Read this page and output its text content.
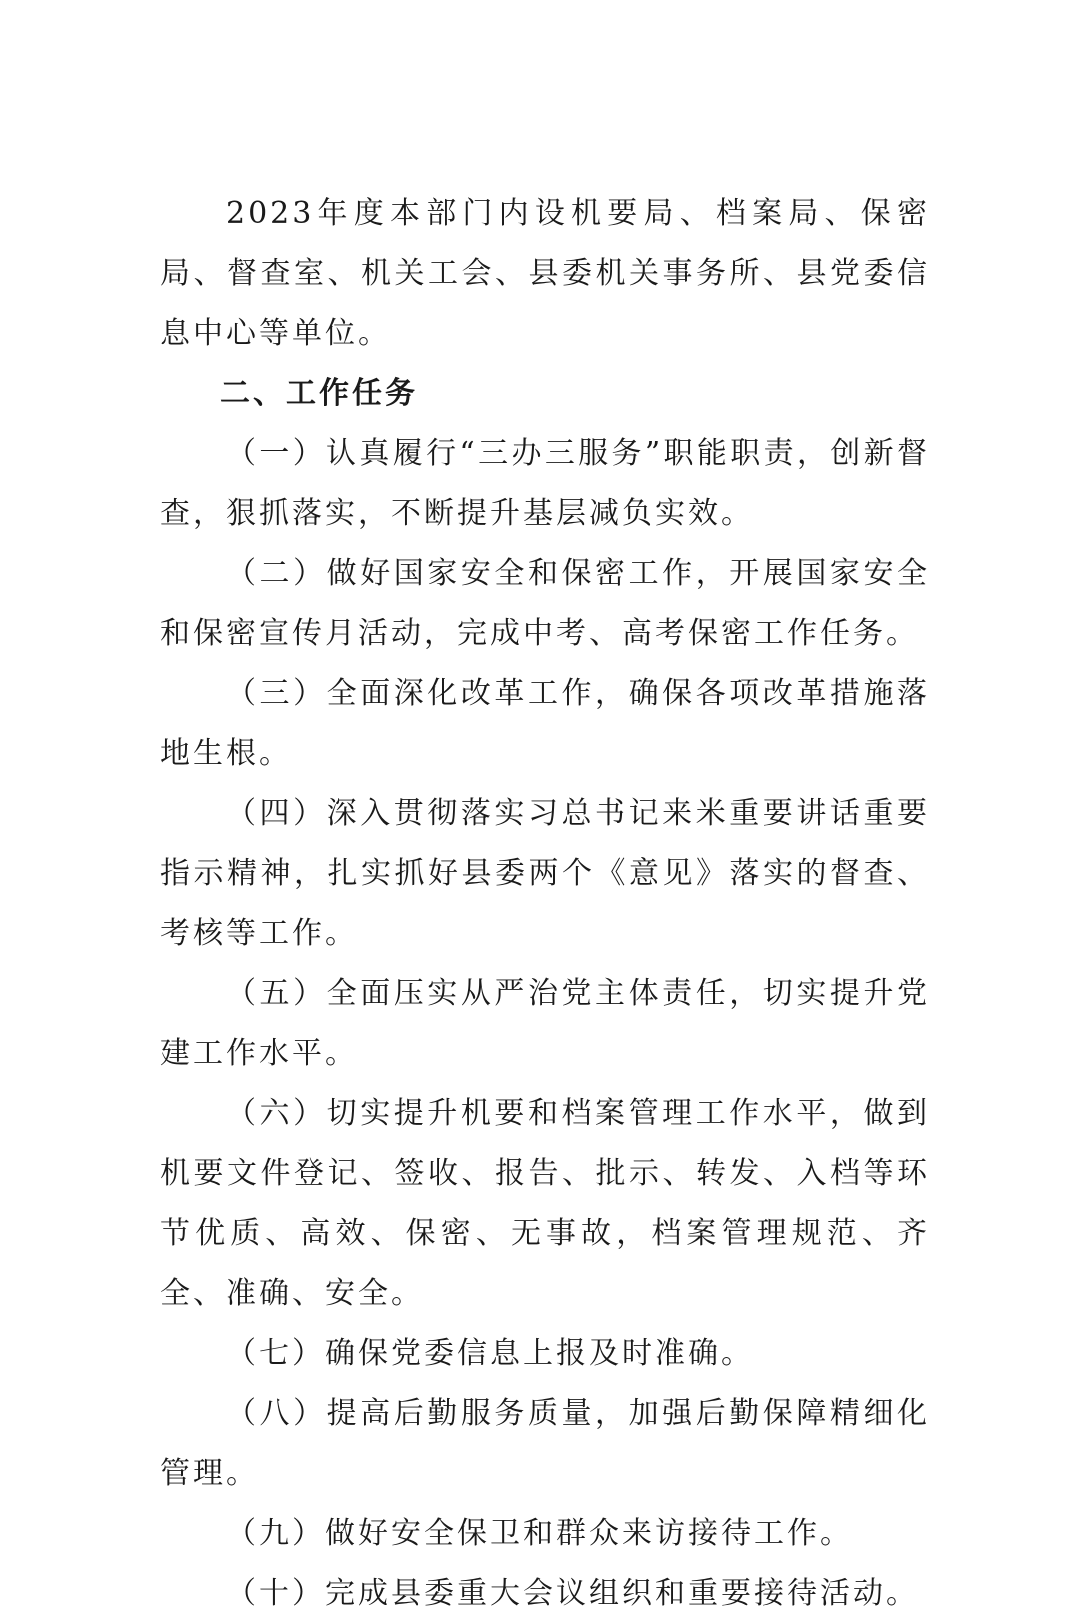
2023年度本部门内设机要局、档案局、保密局、督查室、机关工会、县委机关事务所、县党委信息中心等单位。

二、工作任务

（一）认真履行“三办三服务”职能职责，创新督查，狠抓落实，不断提升基层减负实效。

（二）做好国家安全和保密工作，开展国家安全和保密宣传月活动，完成中考、高考保密工作任务。

（三）全面深化改革工作，确保各项改革措施落地生根。

（四）深入贯彻落实习总书记来米重要讲话重要指示精神，扎实抓好县委两个《意见》落实的督查、考核等工作。

（五）全面压实从严治党主体责任，切实提升党建工作水平。

（六）切实提升机要和档案管理工作水平，做到机要文件登记、签收、报告、批示、转发、入档等环节优质、高效、保密、无事故，档案管理规范、齐全、准确、安全。

（七）确保党委信息上报及时准确。

（八）提高后勤服务质量，加强后勤保障精细化管理。

（九）做好安全保卫和群众来访接待工作。

（十）完成县委重大会议组织和重要接待活动。
